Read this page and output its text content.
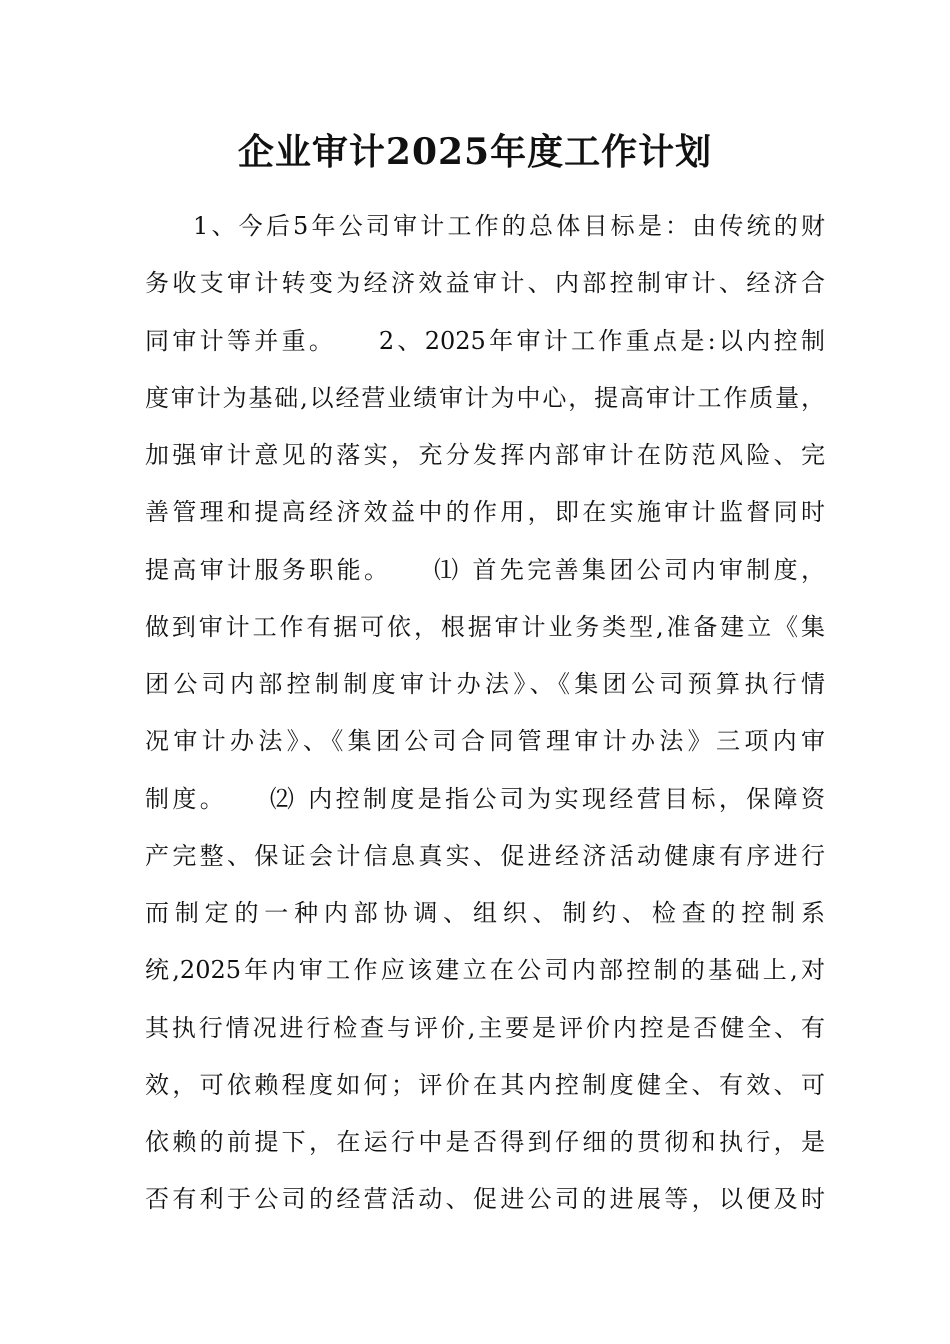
企业审计2025年度工作计划
1、今后5年公司审计工作的总体目标是：由传统的财
务收支审计转变为经济效益审计、内部控制审计、经济合
同审计等并重。　　2、2025年审计工作重点是:以内控制
度审计为基础,以经营业绩审计为中心，提高审计工作质量，
加强审计意见的落实，充分发挥内部审计在防范风险、完
善管理和提高经济效益中的作用，即在实施审计监督同时
提高审计服务职能。　　⑴ 首先完善集团公司内审制度，
做到审计工作有据可依，根据审计业务类型,准备建立《集
团公司内部控制制度审计办法》、《集团公司预算执行情
况审计办法》、《集团公司合同管理审计办法》三项内审
制度。　　⑵ 内控制度是指公司为实现经营目标，保障资
产完整、保证会计信息真实、促进经济活动健康有序进行
而制定的一种内部协调、组织、制约、检查的控制系
统,2025年内审工作应该建立在公司内部控制的基础上,对
其执行情况进行检查与评价,主要是评价内控是否健全、有
效，可依赖程度如何；评价在其内控制度健全、有效、可
依赖的前提下，在运行中是否得到仔细的贯彻和执行，是
否有利于公司的经营活动、促进公司的进展等，以便及时
